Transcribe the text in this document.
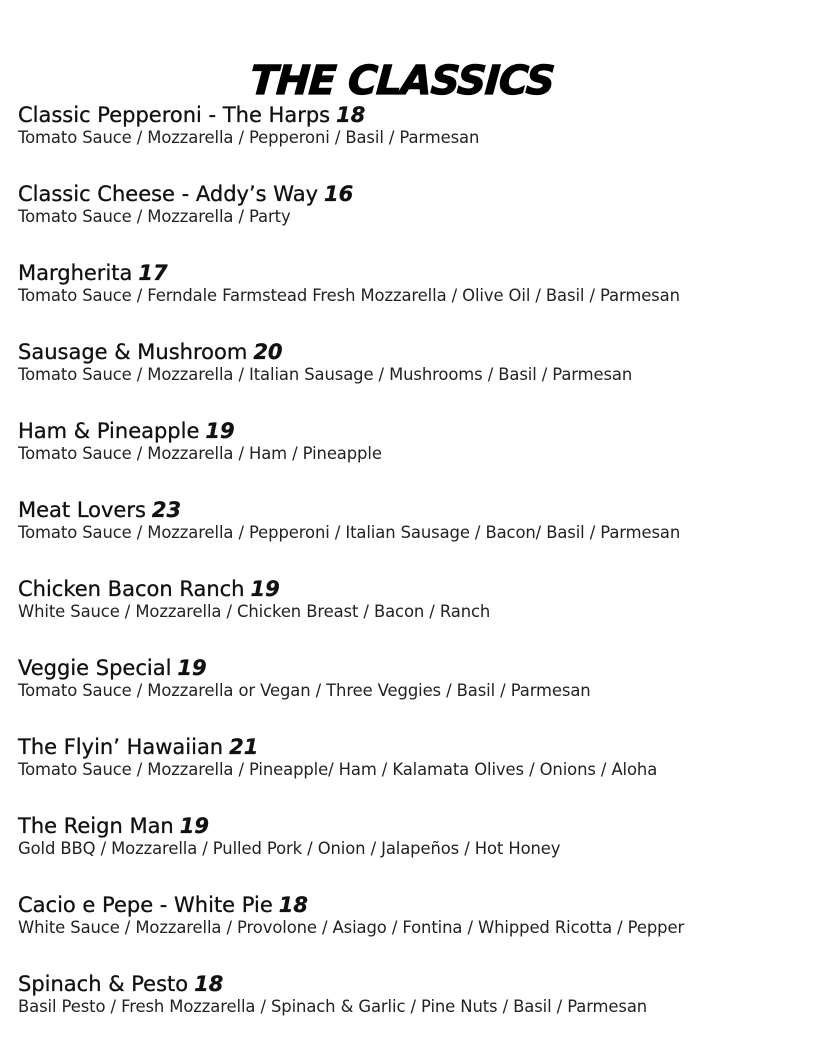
THE CLASSICS
Classic Pepperoni - The Harps 18
Tomato Sauce / Mozzarella / Pepperoni / Basil / Parmesan
Classic Cheese - Addy’s Way 16
Tomato Sauce / Mozzarella / Party
Margherita 17
Tomato Sauce / Ferndale Farmstead Fresh Mozzarella / Olive Oil / Basil / Parmesan
Sausage & Mushroom 20
Tomato Sauce / Mozzarella / Italian Sausage / Mushrooms / Basil / Parmesan
Ham & Pineapple 19
Tomato Sauce / Mozzarella / Ham / Pineapple
Meat Lovers 23
Tomato Sauce / Mozzarella / Pepperoni / Italian Sausage / Bacon/ Basil / Parmesan
Chicken Bacon Ranch 19
White Sauce / Mozzarella / Chicken Breast / Bacon / Ranch
Veggie Special 19
Tomato Sauce / Mozzarella or Vegan / Three Veggies / Basil / Parmesan
The Flyin’ Hawaiian 21
Tomato Sauce / Mozzarella / Pineapple/ Ham / Kalamata Olives / Onions / Aloha
The Reign Man 19
Gold BBQ / Mozzarella / Pulled Pork / Onion / Jalapeños / Hot Honey
Cacio e Pepe - White Pie 18
White Sauce / Mozzarella / Provolone / Asiago / Fontina / Whipped Ricotta / Pepper
Spinach & Pesto 18
Basil Pesto / Fresh Mozzarella / Spinach & Garlic / Pine Nuts / Basil / Parmesan
